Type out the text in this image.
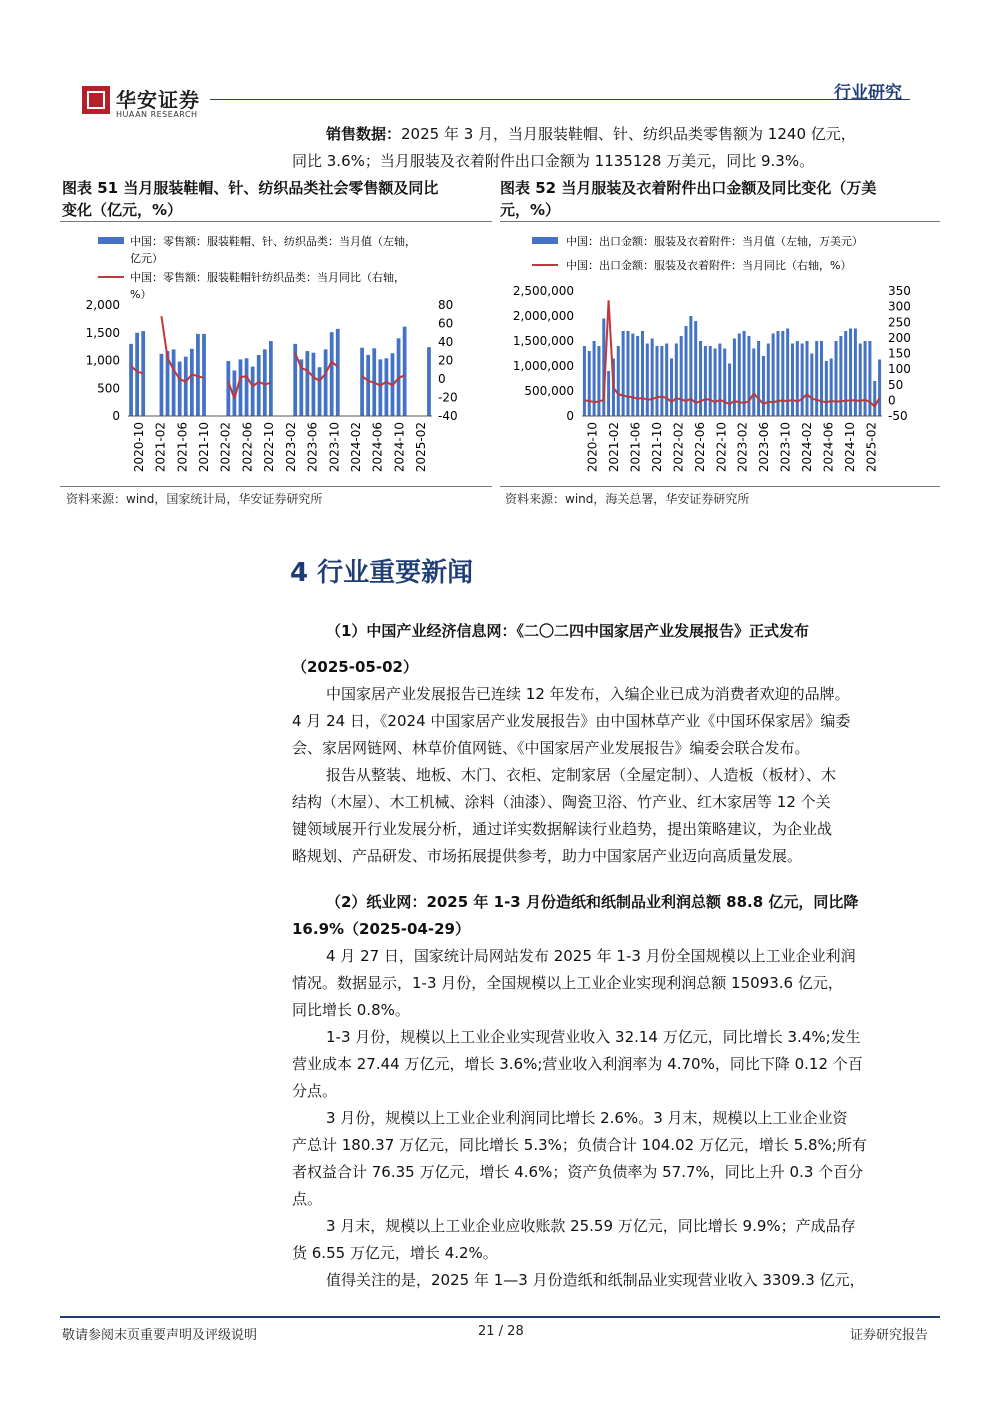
华安证券
HUAAN RESEARCH
行业研究
销售数据：2025 年 3 月，当月服装鞋帽、针、纺织品类零售额为 1240 亿元，
同比 3.6%；当月服装及衣着附件出口金额为 1135128 万美元，同比 9.3%。
图表 51 当月服装鞋帽、针、纺织品类社会零售额及同比
变化（亿元，%）
图表 52 当月服装及衣着附件出口金额及同比变化（万美
元，%）
中国：零售额：服装鞋帽、针、纺织品类：当月值（左轴，
亿元）
中国：零售额：服装鞋帽针纺织品类：当月同比（右轴，
%）
2,000
1,500
1,000
500
0
80
60
40
20
0
-20
-40
2020-10 2021-02 2021-06 2021-10 2022-02 2022-06 2022-10 2023-02 2023-06 2023-10 2024-02 2024-06 2024-10 2025-02
中国：出口金额：服装及衣着附件：当月值（左轴，万美元）
中国：出口金额：服装及衣着附件：当月同比（右轴，%）
2,500,000
2,000,000
1,500,000
1,000,000
500,000
0
350
300
250
200
150
100
50
0
-50
2020-10 2021-02 2021-06 2021-10 2022-02 2022-06 2022-10 2023-02 2023-06 2023-10 2024-02 2024-06 2024-10 2025-02
资料来源：wind，国家统计局，华安证券研究所	资料来源：wind，海关总署，华安证券研究所
4 行业重要新闻
（1）中国产业经济信息网：《二〇二四中国家居产业发展报告》正式发布
（2025-05-02）
中国家居产业发展报告已连续 12 年发布，入编企业已成为消费者欢迎的品牌。
4 月 24 日，《2024 中国家居产业发展报告》由中国林草产业《中国环保家居》编委
会、家居网链网、林草价值网链、《中国家居产业发展报告》编委会联合发布。
报告从整装、地板、木门、衣柜、定制家居（全屋定制）、人造板（板材）、木
结构（木屋）、木工机械、涂料（油漆）、陶瓷卫浴、竹产业、红木家居等 12 个关
键领域展开行业发展分析，通过详实数据解读行业趋势，提出策略建议，为企业战
略规划、产品研发、市场拓展提供参考，助力中国家居产业迈向高质量发展。
（2）纸业网：2025 年 1-3 月份造纸和纸制品业利润总额 88.8 亿元，同比降
16.9%（2025-04-29）
4 月 27 日，国家统计局网站发布 2025 年 1-3 月份全国规模以上工业企业利润
情况。数据显示，1-3 月份，全国规模以上工业企业实现利润总额 15093.6 亿元，
同比增长 0.8%。
1-3 月份，规模以上工业企业实现营业收入 32.14 万亿元，同比增长 3.4%;发生
营业成本 27.44 万亿元，增长 3.6%;营业收入利润率为 4.70%，同比下降 0.12 个百
分点。
3 月份，规模以上工业企业利润同比增长 2.6%。3 月末，规模以上工业企业资
产总计 180.37 万亿元，同比增长 5.3%；负债合计 104.02 万亿元，增长 5.8%;所有
者权益合计 76.35 万亿元，增长 4.6%；资产负债率为 57.7%，同比上升 0.3 个百分
点。
3 月末，规模以上工业企业应收账款 25.59 万亿元，同比增长 9.9%；产成品存
货 6.55 万亿元，增长 4.2%。
值得关注的是，2025 年 1—3 月份造纸和纸制品业实现营业收入 3309.3 亿元，
敬请参阅末页重要声明及评级说明	21 / 28	证券研究报告
